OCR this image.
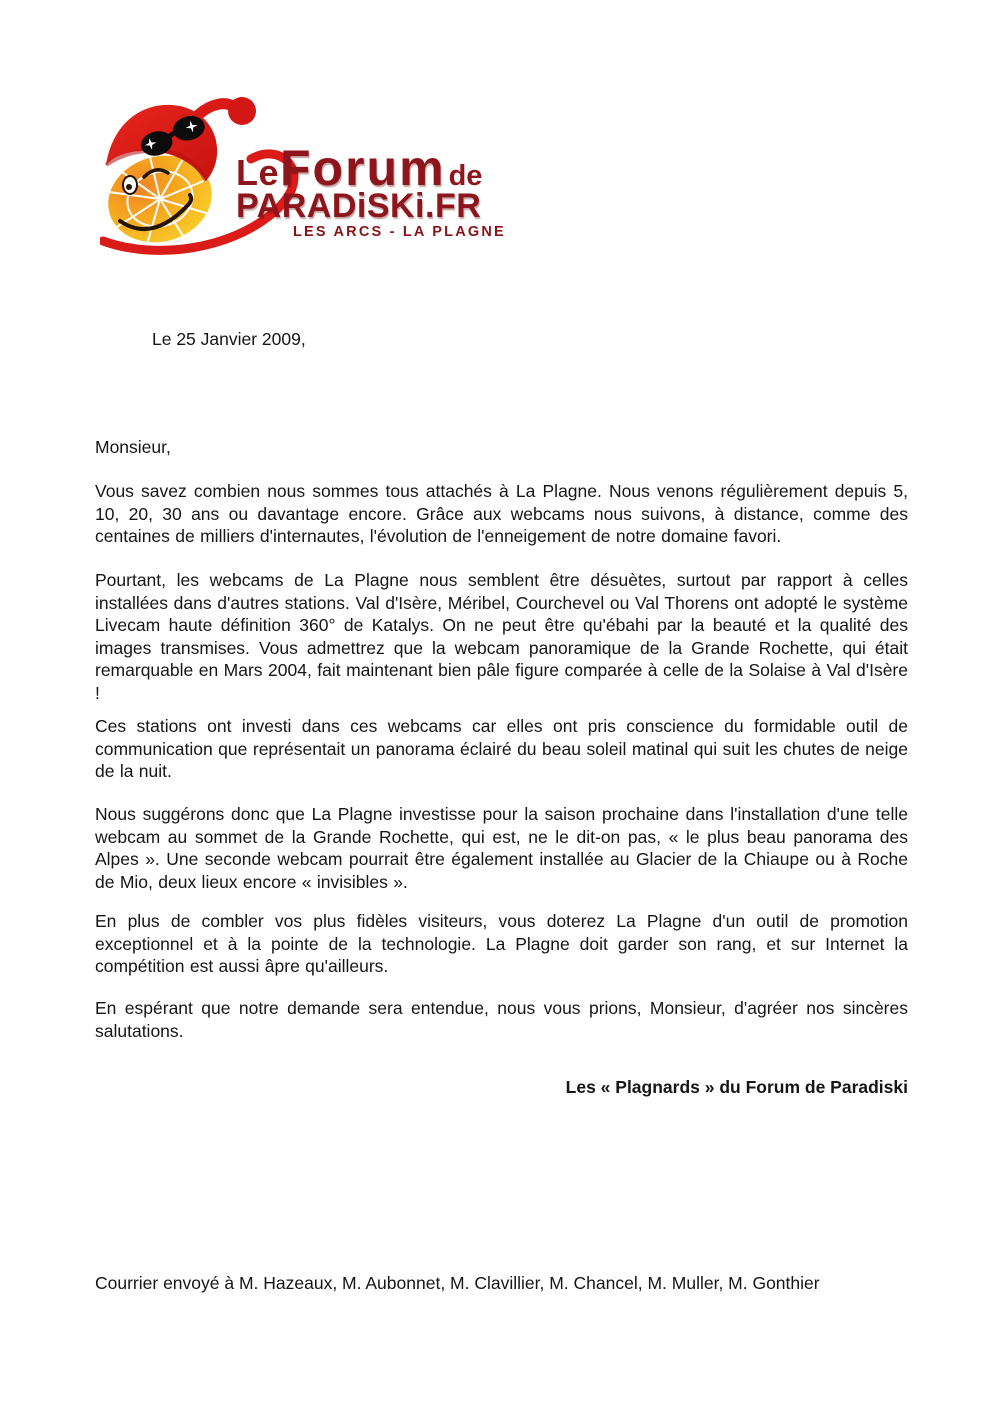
Le Forum de
PARADiSKi.FR
LES ARCS - LA PLAGNE
Le 25 Janvier 2009,
Monsieur,

Vous savez combien nous sommes tous attachés à La Plagne. Nous venons régulièrement depuis 5, 10, 20, 30 ans ou davantage encore. Grâce aux webcams nous suivons, à distance, comme des centaines de milliers d'internautes, l'évolution de l'enneigement de notre domaine favori.

Pourtant, les webcams de La Plagne nous semblent être désuètes, surtout par rapport à celles installées dans d'autres stations. Val d'Isère, Méribel, Courchevel ou Val Thorens ont adopté le système Livecam haute définition 360° de Katalys. On ne peut être qu'ébahi par la beauté et la qualité des images transmises. Vous admettrez que la webcam panoramique de la Grande Rochette, qui était remarquable en Mars 2004, fait maintenant bien pâle figure comparée à celle de la Solaise à Val d'Isère !

Ces stations ont investi dans ces webcams car elles ont pris conscience du formidable outil de communication que représentait un panorama éclairé du beau soleil matinal qui suit les chutes de neige de la nuit.

Nous suggérons donc que La Plagne investisse pour la saison prochaine dans l'installation d'une telle webcam au sommet de la Grande Rochette, qui est, ne le dit-on pas, « le plus beau panorama des Alpes ». Une seconde webcam pourrait être également installée au Glacier de la Chiaupe ou à Roche de Mio, deux lieux encore « invisibles ».

En plus de combler vos plus fidèles visiteurs, vous doterez La Plagne d'un outil de promotion exceptionnel et à la pointe de la technologie. La Plagne doit garder son rang, et sur Internet la compétition est aussi âpre qu'ailleurs.

En espérant que notre demande sera entendue, nous vous prions, Monsieur, d'agréer nos sincères salutations.

Les « Plagnards » du Forum de Paradiski
Courrier envoyé à M. Hazeaux, M. Aubonnet, M. Clavillier, M. Chancel, M. Muller, M. Gonthier
